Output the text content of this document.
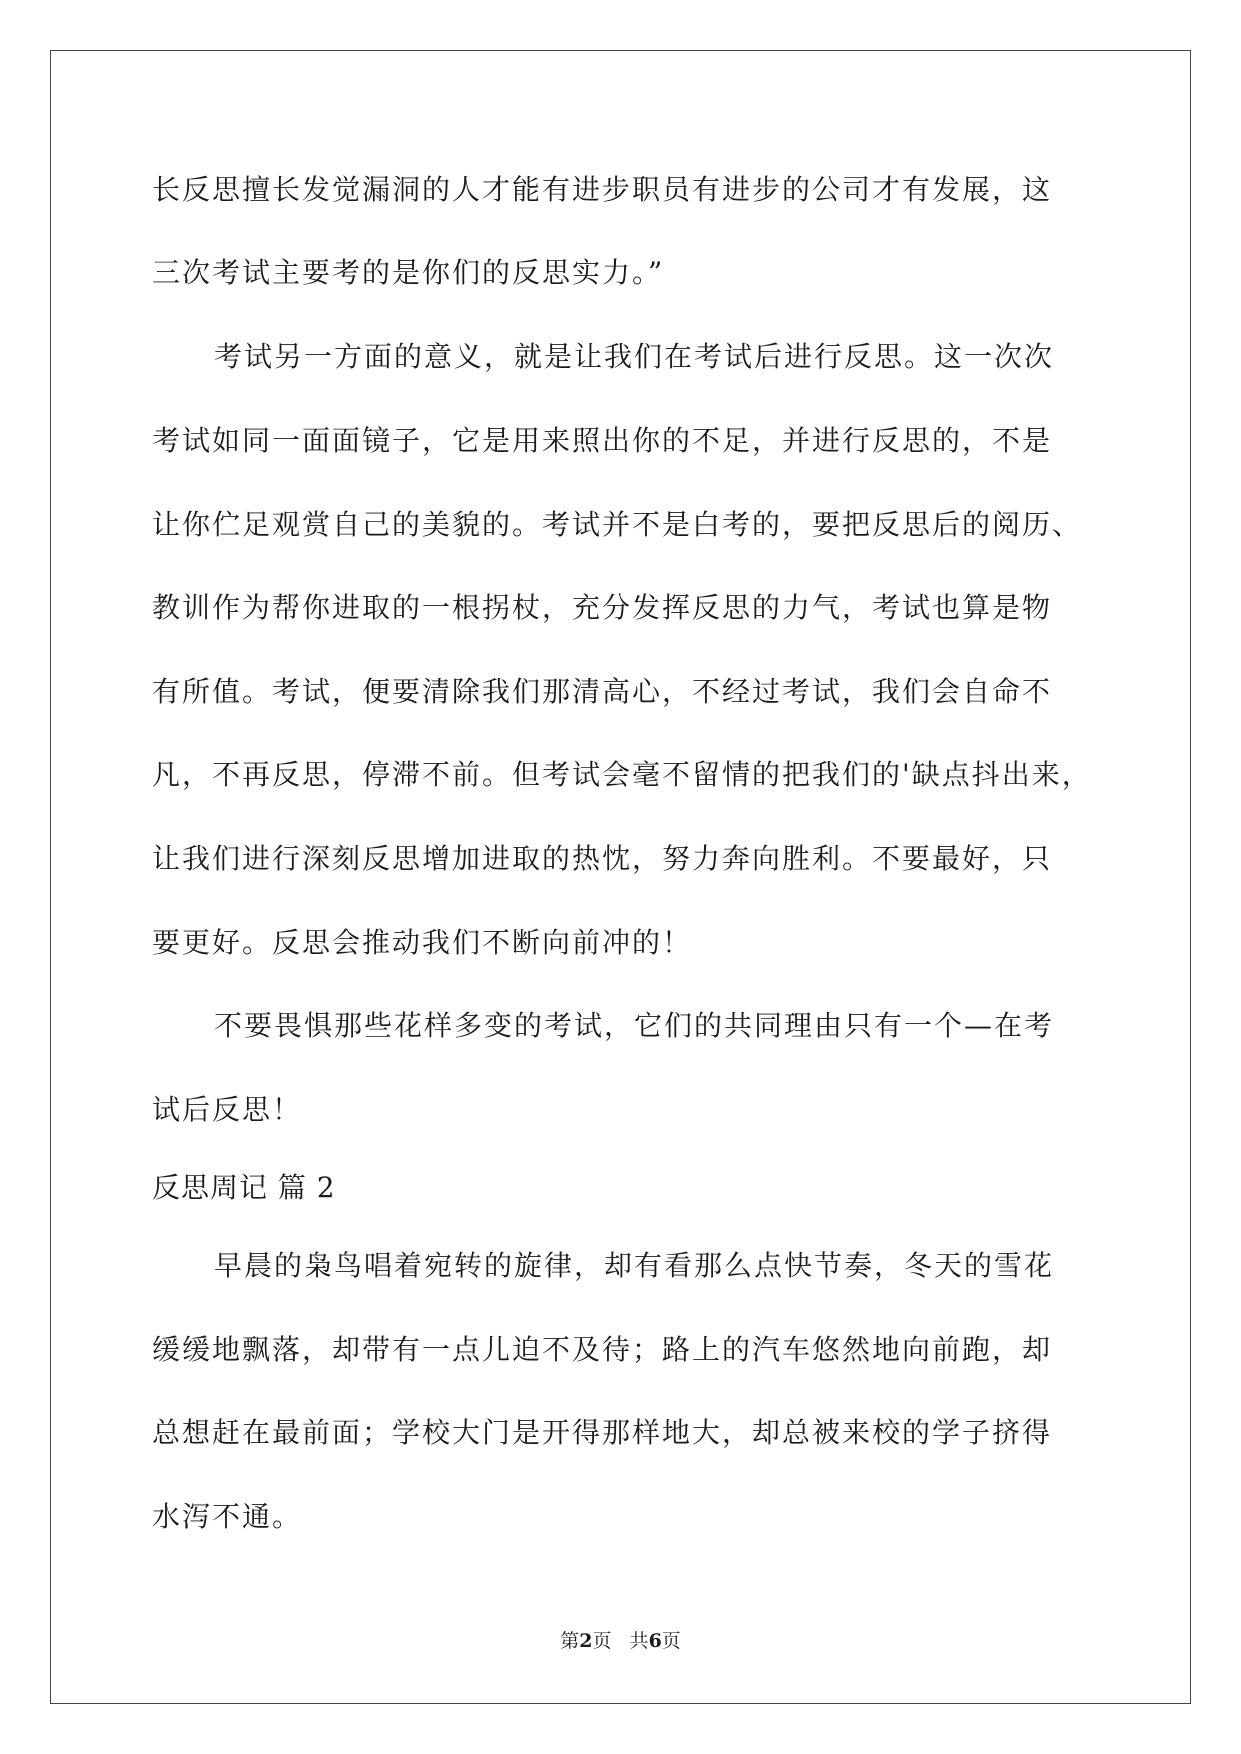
长反思擅长发觉漏洞的人才能有进步职员有进步的公司才有发展，这
三次考试主要考的是你们的反思实力。”
考试另一方面的意义，就是让我们在考试后进行反思。这一次次
考试如同一面面镜子，它是用来照出你的不足，并进行反思的，不是
让你伫足观赏自己的美貌的。考试并不是白考的，要把反思后的阅历、
教训作为帮你进取的一根拐杖，充分发挥反思的力气，考试也算是物
有所值。考试，便要清除我们那清高心，不经过考试，我们会自命不
凡，不再反思，停滞不前。但考试会毫不留情的把我们的'缺点抖出来，
让我们进行深刻反思增加进取的热忱，努力奔向胜利。不要最好，只
要更好。反思会推动我们不断向前冲的！
不要畏惧那些花样多变的考试，它们的共同理由只有一个—在考
试后反思！
反思周记 篇 2
早晨的枭鸟唱着宛转的旋律，却有看那么点快节奏，冬天的雪花
缓缓地飘落，却带有一点儿迫不及待；路上的汽车悠然地向前跑，却
总想赶在最前面；学校大门是开得那样地大，却总被来校的学子挤得
水泻不通。
第2页   共6页
